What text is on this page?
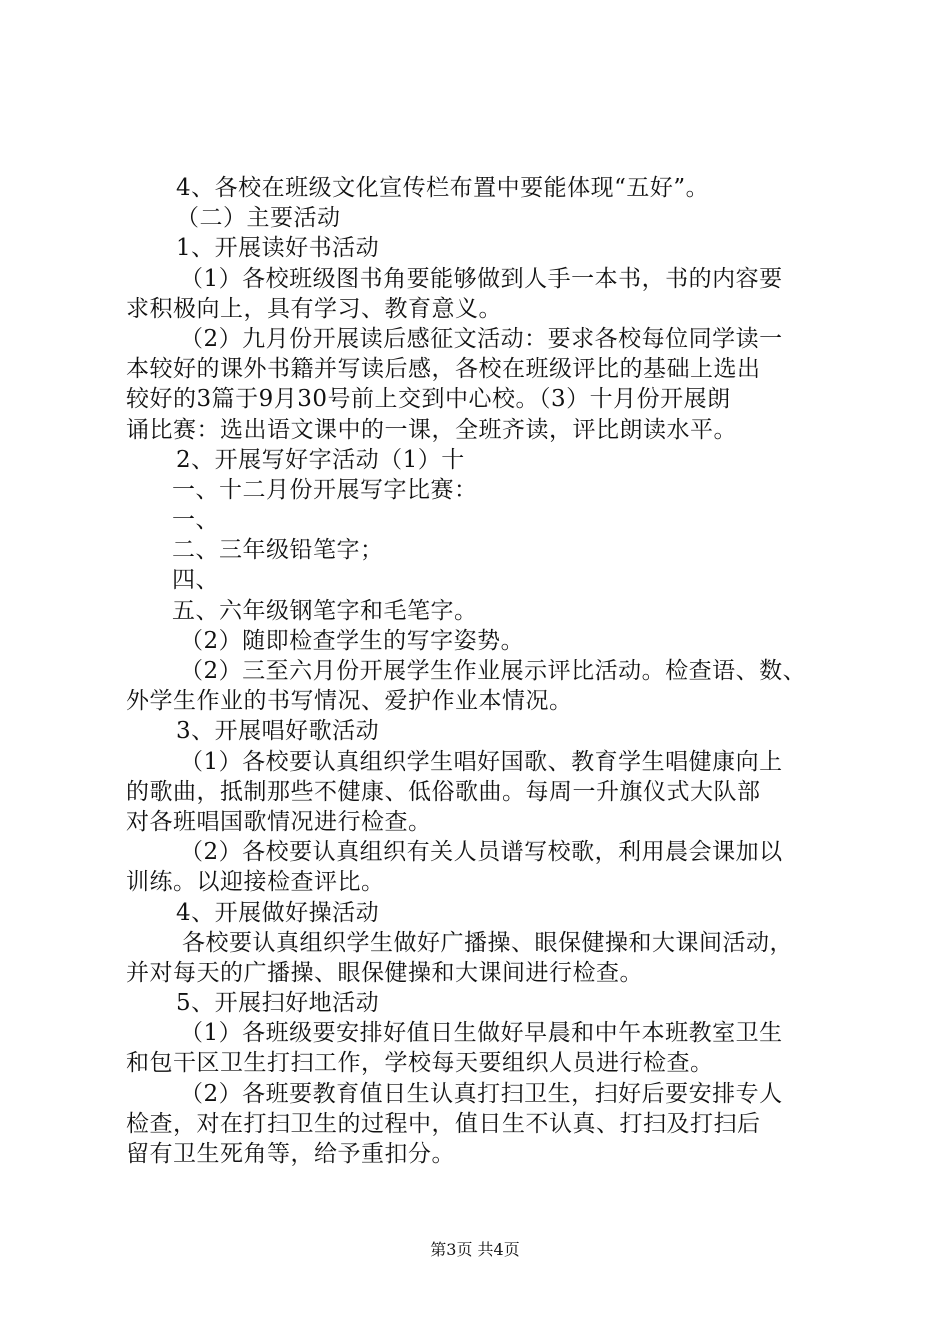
4、各校在班级文化宣传栏布置中要能体现“五好”。
（二）主要活动
1、开展读好书活动
（1）各校班级图书角要能够做到人手一本书，书的内容要
求积极向上，具有学习、教育意义。
（2）九月份开展读后感征文活动：要求各校每位同学读一
本较好的课外书籍并写读后感，各校在班级评比的基础上选出
较好的3篇于9月30号前上交到中心校。（3）十月份开展朗
诵比赛：选出语文课中的一课，全班齐读，评比朗读水平。
2、开展写好字活动（1）十
一、十二月份开展写字比赛：
一、
二、三年级铅笔字；
四、
五、六年级钢笔字和毛笔字。
（2）随即检查学生的写字姿势。
（2）三至六月份开展学生作业展示评比活动。检查语、数、
外学生作业的书写情况、爱护作业本情况。
3、开展唱好歌活动
（1）各校要认真组织学生唱好国歌、教育学生唱健康向上
的歌曲，抵制那些不健康、低俗歌曲。每周一升旗仪式大队部
对各班唱国歌情况进行检查。
（2）各校要认真组织有关人员谱写校歌，利用晨会课加以
训练。以迎接检查评比。
4、开展做好操活动
各校要认真组织学生做好广播操、眼保健操和大课间活动，
并对每天的广播操、眼保健操和大课间进行检查。
5、开展扫好地活动
（1）各班级要安排好值日生做好早晨和中午本班教室卫生
和包干区卫生打扫工作，学校每天要组织人员进行检查。
（2）各班要教育值日生认真打扫卫生，扫好后要安排专人
检查，对在打扫卫生的过程中，值日生不认真、打扫及打扫后
留有卫生死角等，给予重扣分。
第3页 共4页
